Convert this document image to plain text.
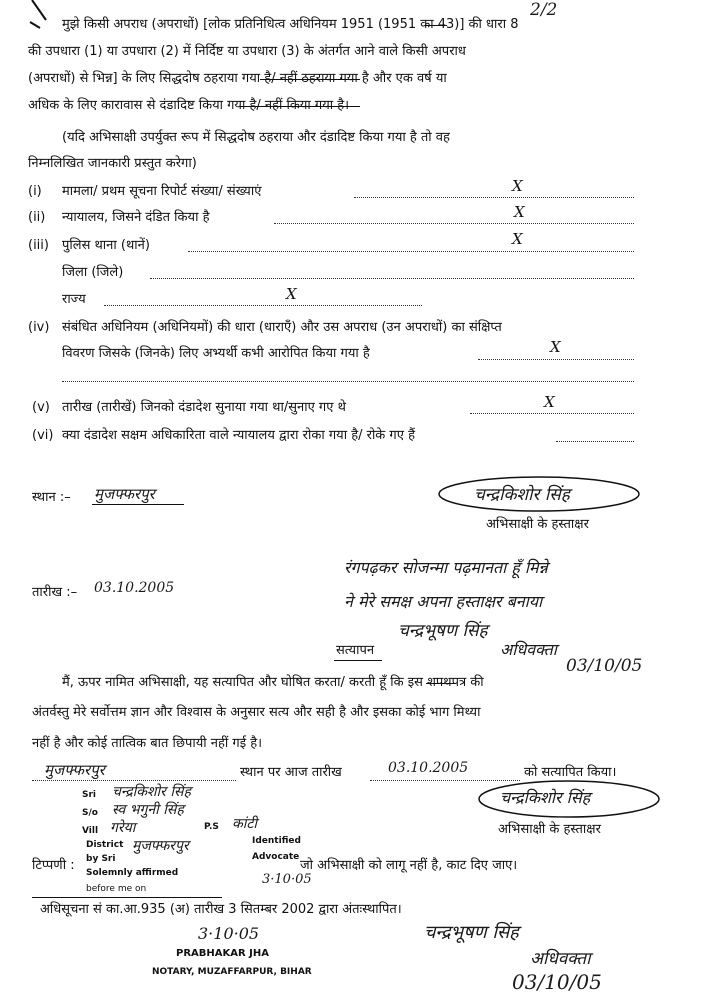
2/2
मुझे किसी अपराध (अपराधों) [लोक प्रतिनिधित्व अधिनियम 1951 (1951 का 43)] की धारा 8
की उपधारा (1) या उपधारा (2) में निर्दिष्ट या उपधारा (3) के अंतर्गत आने वाले किसी अपराध
(अपराधों) से भिन्न] के लिए सिद्धदोष ठहराया गया है/ नहीं ठहराया गया है और एक वर्ष या
अधिक के लिए कारावास से दंडादिष्ट किया गया है/ नहीं किया गया है।
(यदि अभिसाक्षी उपर्युक्त रूप में सिद्धदोष ठहराया और दंडादिष्ट किया गया है तो वह
निम्नलिखित जानकारी प्रस्तुत करेगा)
(i) मामला/ प्रथम सूचना रिपोर्ट संख्या/ संख्याएं	X
(ii) न्यायालय, जिसने दंडित किया है	X
(iii) पुलिस थाना (थानें)	X
जिला (जिले)
राज्य	X
(iv) संबंधित अधिनियम (अधिनियमों) की धारा (धाराएँ) और उस अपराध (उन अपराधों) का संक्षिप्त
विवरण जिसके (जिनके) लिए अभ्यर्थी कभी आरोपित किया गया है	X
(v) तारीख (तारीखें) जिनको दंडादेश सुनाया गया था/सुनाए गए थे	X
(vi) क्या दंडादेश सक्षम अधिकारिता वाले न्यायालय द्वारा रोका गया है/ रोके गए हैं
स्थान :– मुजफ्फरपुर	चन्द्रकिशोर सिंह
अभिसाक्षी के हस्ताक्षर
तारीख :– 03.10.2005
रंगपढ़कर सोजन्मा पढ़मानता हूँ मिन्ने
ने मेरे समक्ष अपना हस्ताक्षर बनाया
चन्द्रभूषण सिंह
अधिवक्ता
03/10/05
सत्यापन
मैं, ऊपर नामित अभिसाक्षी, यह सत्यापित और घोषित करता/ करती हूँ कि इस शपथपत्र की
अंतर्वस्तु मेरे सर्वोत्तम ज्ञान और विश्वास के अनुसार सत्य और सही है और इसका कोई भाग मिथ्या
नहीं है और कोई तात्विक बात छिपायी नहीं गई है।
मुजफ्फरपुर	स्थान पर आज तारीख	03.10.2005	को सत्यापित किया।
चन्द्रकिशोर सिंह
अभिसाक्षी के हस्ताक्षर
Sri चन्द्रकिशोर सिंह
S/o स्व भगुनी सिंह
Vill गरेया	P.S कांटी
Identified
District मुजफ्फरपुर
Advocate
by Sri
Solemnly affirmed
before me on
3·10·05
टिप्पणी :	जो अभिसाक्षी को लागू नहीं है, काट दिए जाए।
अधिसूचना सं का.आ.935 (अ) तारीख 3 सितम्बर 2002 द्वारा अंतःस्थापित।
3·10·05
PRABHAKAR JHA
NOTARY, MUZAFFARPUR, BIHAR
चन्द्रभूषण सिंह
अधिवक्ता
03/10/05
